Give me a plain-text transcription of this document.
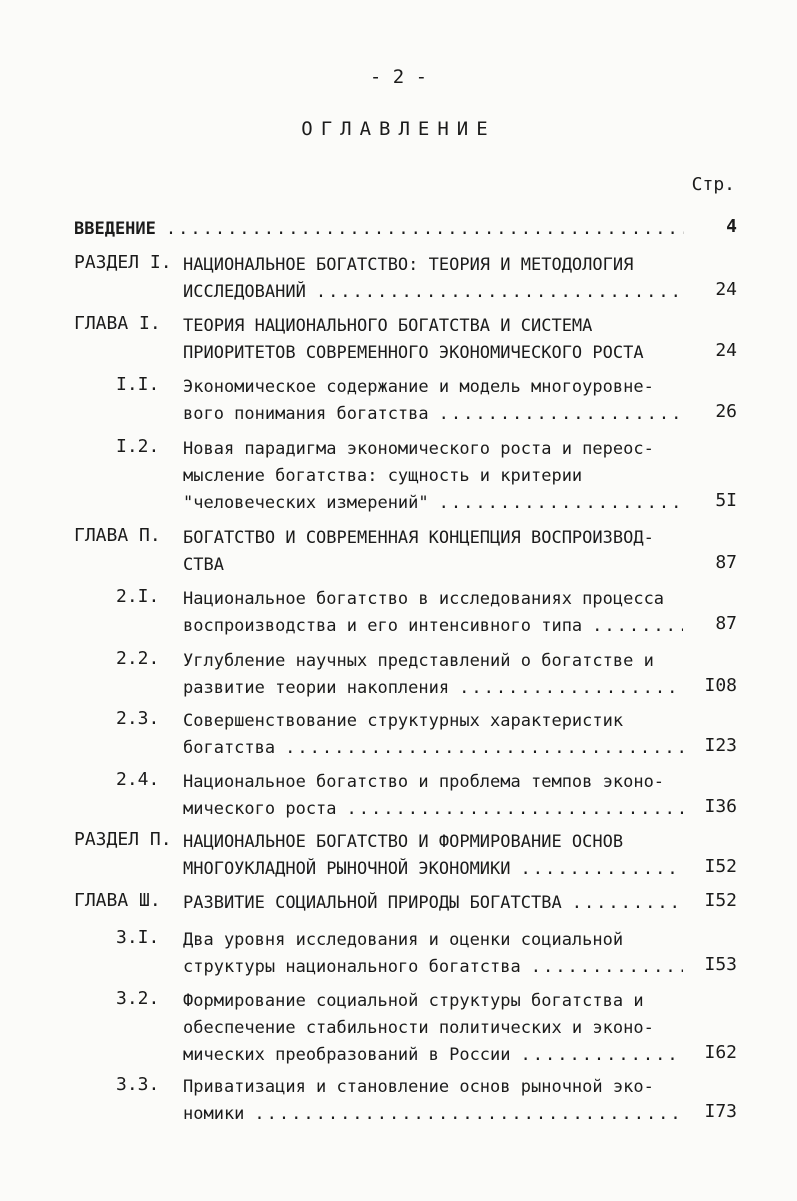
- 2 -
ОГЛАВЛЕНИЕ
Стр.
ВВЕДЕНИЕ .....	4
РАЗДЕЛ I. НАЦИОНАЛЬНОЕ БОГАТСТВО: ТЕОРИЯ И МЕТОДОЛОГИЯ
ИССЛЕДОВАНИЙ .....	24
ГЛАВА I. ТЕОРИЯ НАЦИОНАЛЬНОГО БОГАТСТВА И СИСТЕМА
ПРИОРИТЕТОВ СОВРЕМЕННОГО ЭКОНОМИЧЕСКОГО РОСТА	24
I.I. Экономическое содержание и модель многоуровне-
вого понимания богатства .....	26
I.2. Новая парадигма экономического роста и переос-
мысление богатства: сущность и критерии
"человеческих измерений" .....	5I
ГЛАВА П. БОГАТСТВО И СОВРЕМЕННАЯ КОНЦЕПЦИЯ ВОСПРОИЗВОД-
СТВА	87
2.I. Национальное богатство в исследованиях процесса
воспроизводства и его интенсивного типа .....	87
2.2. Углубление научных представлений о богатстве и
развитие теории накопления .....	I08
2.3. Совершенствование структурных характеристик
богатства .....	I23
2.4. Национальное богатство и проблема темпов эконо-
мического роста .....	I36
РАЗДЕЛ П. НАЦИОНАЛЬНОЕ БОГАТСТВО И ФОРМИРОВАНИЕ ОСНОВ
МНОГОУКЛАДНОЙ РЫНОЧНОЙ ЭКОНОМИКИ .....	I52
ГЛАВА Ш. РАЗВИТИЕ СОЦИАЛЬНОЙ ПРИРОДЫ БОГАТСТВА .....	I52
3.I. Два уровня исследования и оценки социальной
структуры национального богатства .....	I53
3.2. Формирование социальной структуры богатства и
обеспечение стабильности политических и эконо-
мических преобразований в России .....	I62
3.3. Приватизация и становление основ рыночной эко-
номики .....	I73
